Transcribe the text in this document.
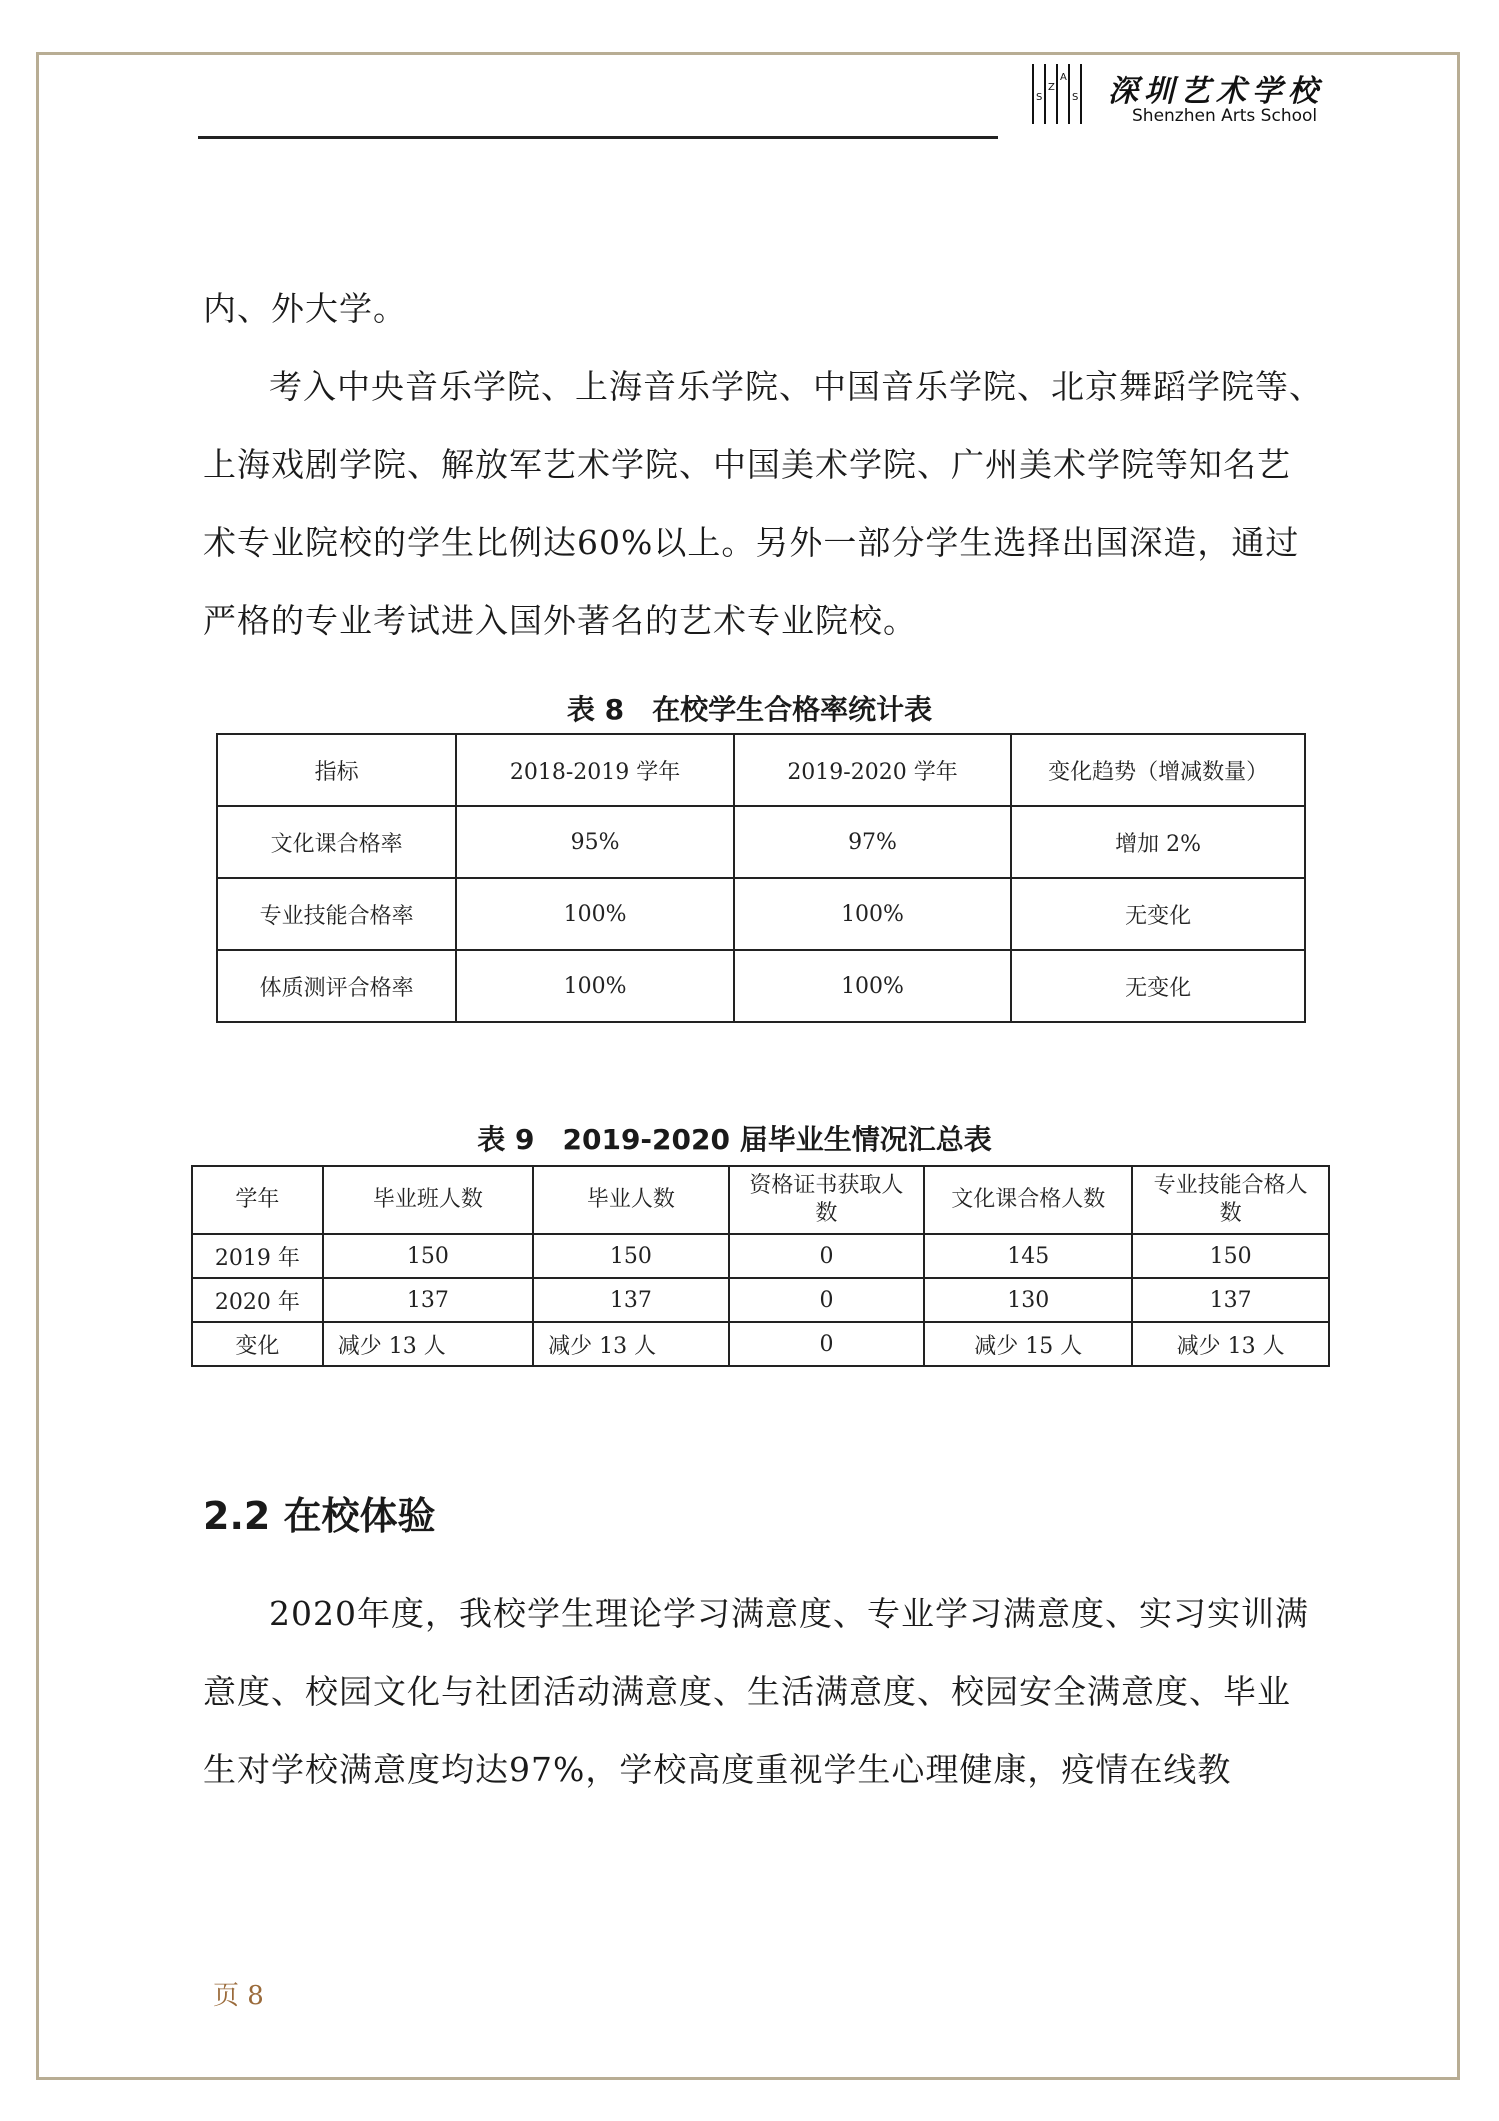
S
Z
A
S 深圳艺术学校
Shenzhen Arts School
内、外大学。
考入中央音乐学院、上海音乐学院、中国音乐学院、北京舞蹈学院等、上海戏剧学院、解放军艺术学院、中国美术学院、广州美术学院等知名艺术专业院校的学生比例达60%以上。另外一部分学生选择出国深造，通过严格的专业考试进入国外著名的艺术专业院校。
表 8　在校学生合格率统计表
指标	2018-2019 学年	2019-2020 学年	变化趋势（增减数量）
文化课合格率	95%	97%	增加 2%
专业技能合格率	100%	100%	无变化
体质测评合格率	100%	100%	无变化
表 9　2019-2020 届毕业生情况汇总表
学年	毕业班人数	毕业人数	资格证书获取人数	文化课合格人数	专业技能合格人数
2019 年	150	150	0	145	150
2020 年	137	137	0	130	137
变化	减少 13 人	减少 13 人	0	减少 15 人	减少 13 人
2.2 在校体验
2020年度，我校学生理论学习满意度、专业学习满意度、实习实训满意度、校园文化与社团活动满意度、生活满意度、校园安全满意度、毕业生对学校满意度均达97%，学校高度重视学生心理健康，疫情在线教
页 8
